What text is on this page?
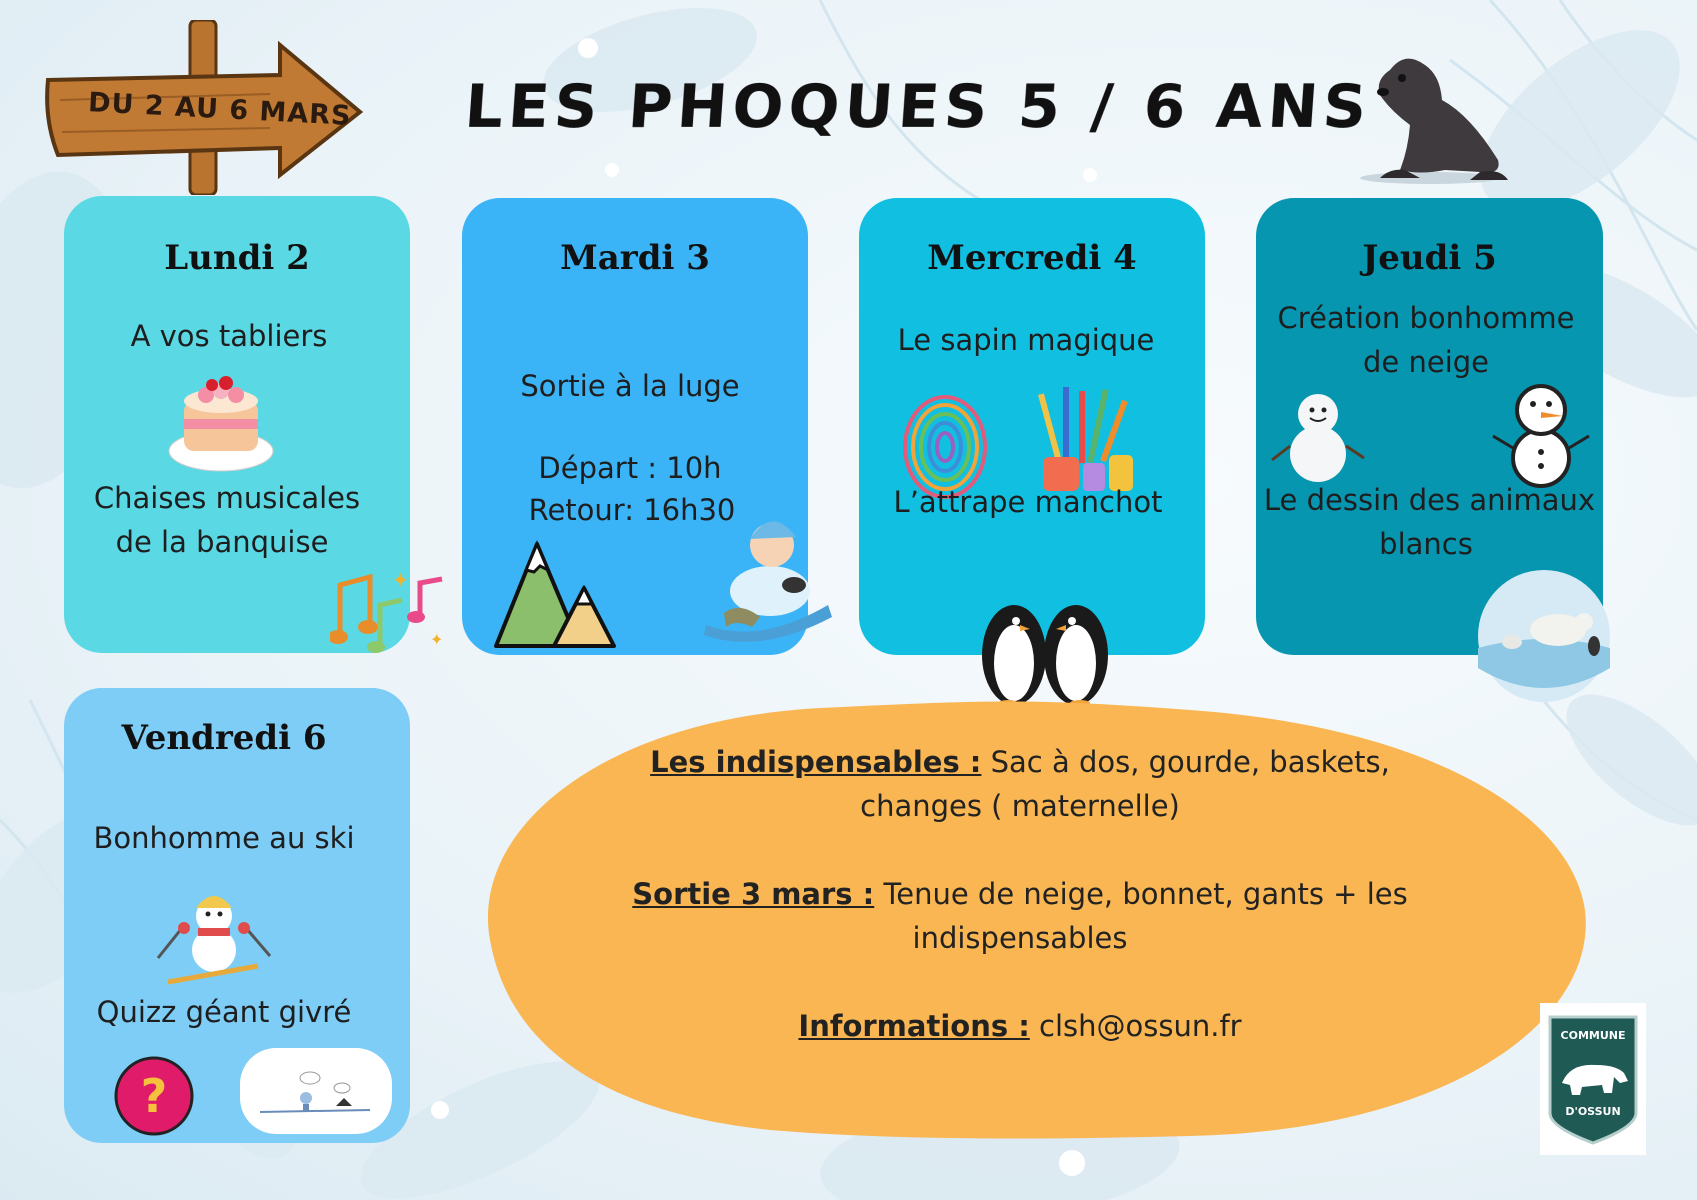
DU 2 AU 6 MARS LES PHOQUES 5 / 6 ANS
Lundi 2
A vos tabliers
Chaises musicales
de la banquise
✦
✦
Mardi 3
Sortie à la luge
Départ : 10h
Retour: 16h30
Mercredi 4
Le sapin magique
L’attrape manchot
Jeudi 5
Création bonhomme
de neige
Le dessin des animaux
blancs
Vendredi 6
Bonhomme au ski
Quizz géant givré
?
Les indispensables : Sac à dos, gourde, baskets,
changes ( maternelle)
Sortie 3 mars : Tenue de neige, bonnet, gants + les
indispensables
Informations : clsh@ossun.fr	COMMUNE
D'OSSUN
